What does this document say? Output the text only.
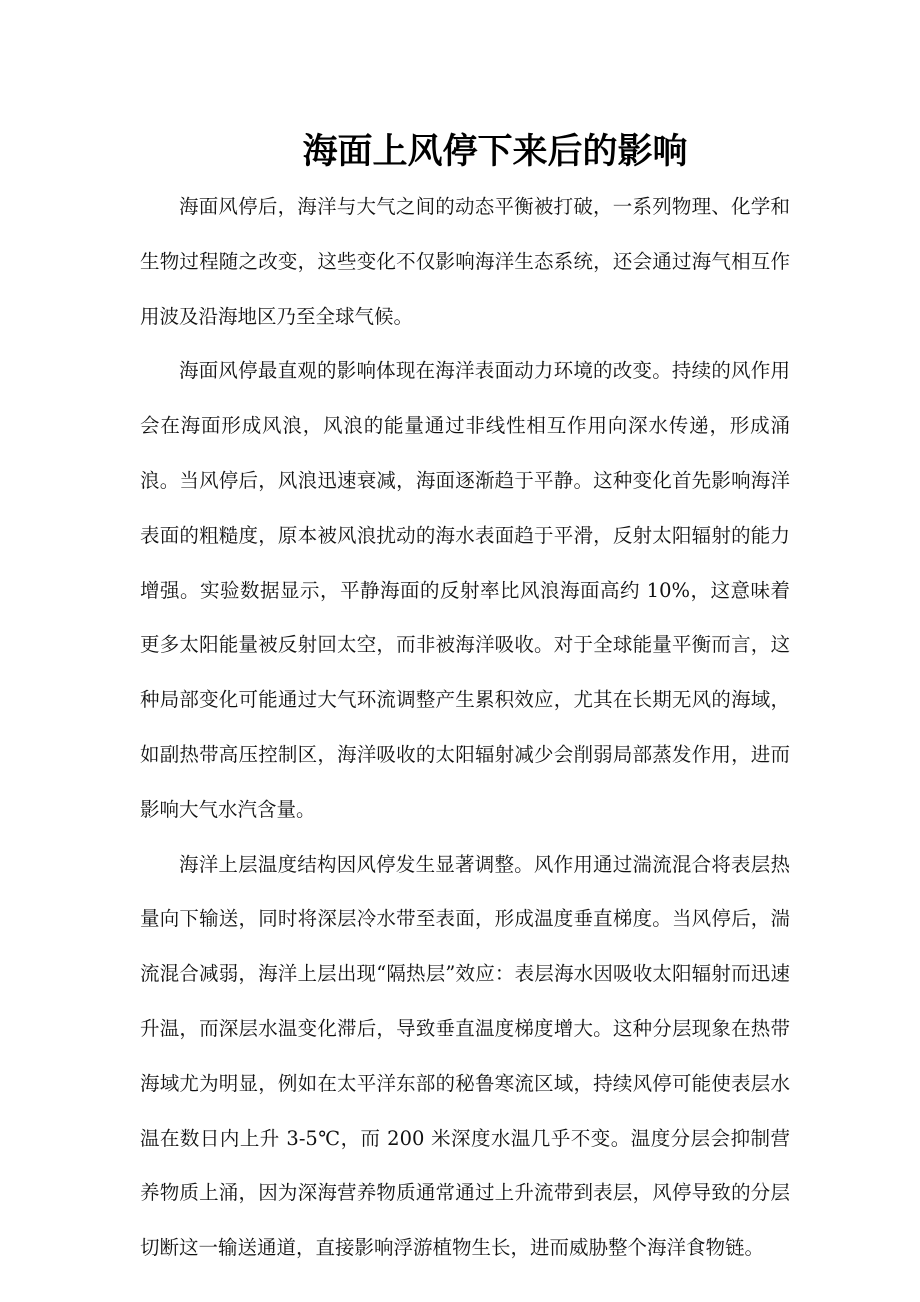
海面上风停下来后的影响

海面风停后，海洋与大气之间的动态平衡被打破，一系列物理、化学和生物过程随之改变，这些变化不仅影响海洋生态系统，还会通过海气相互作用波及沿海地区乃至全球气候。

海面风停最直观的影响体现在海洋表面动力环境的改变。持续的风作用会在海面形成风浪，风浪的能量通过非线性相互作用向深水传递，形成涌浪。当风停后，风浪迅速衰减，海面逐渐趋于平静。这种变化首先影响海洋表面的粗糙度，原本被风浪扰动的海水表面趋于平滑，反射太阳辐射的能力增强。实验数据显示，平静海面的反射率比风浪海面高约 10%，这意味着更多太阳能量被反射回太空，而非被海洋吸收。对于全球能量平衡而言，这种局部变化可能通过大气环流调整产生累积效应，尤其在长期无风的海域，如副热带高压控制区，海洋吸收的太阳辐射减少会削弱局部蒸发作用，进而影响大气水汽含量。

海洋上层温度结构因风停发生显著调整。风作用通过湍流混合将表层热量向下输送，同时将深层冷水带至表面，形成温度垂直梯度。当风停后，湍流混合减弱，海洋上层出现“隔热层”效应：表层海水因吸收太阳辐射而迅速升温，而深层水温变化滞后，导致垂直温度梯度增大。这种分层现象在热带海域尤为明显，例如在太平洋东部的秘鲁寒流区域，持续风停可能使表层水温在数日内上升 3-5℃，而 200 米深度水温几乎不变。温度分层会抑制营养物质上涌，因为深海营养物质通常通过上升流带到表层，风停导致的分层切断这一输送通道，直接影响浮游植物生长，进而威胁整个海洋食物链。
